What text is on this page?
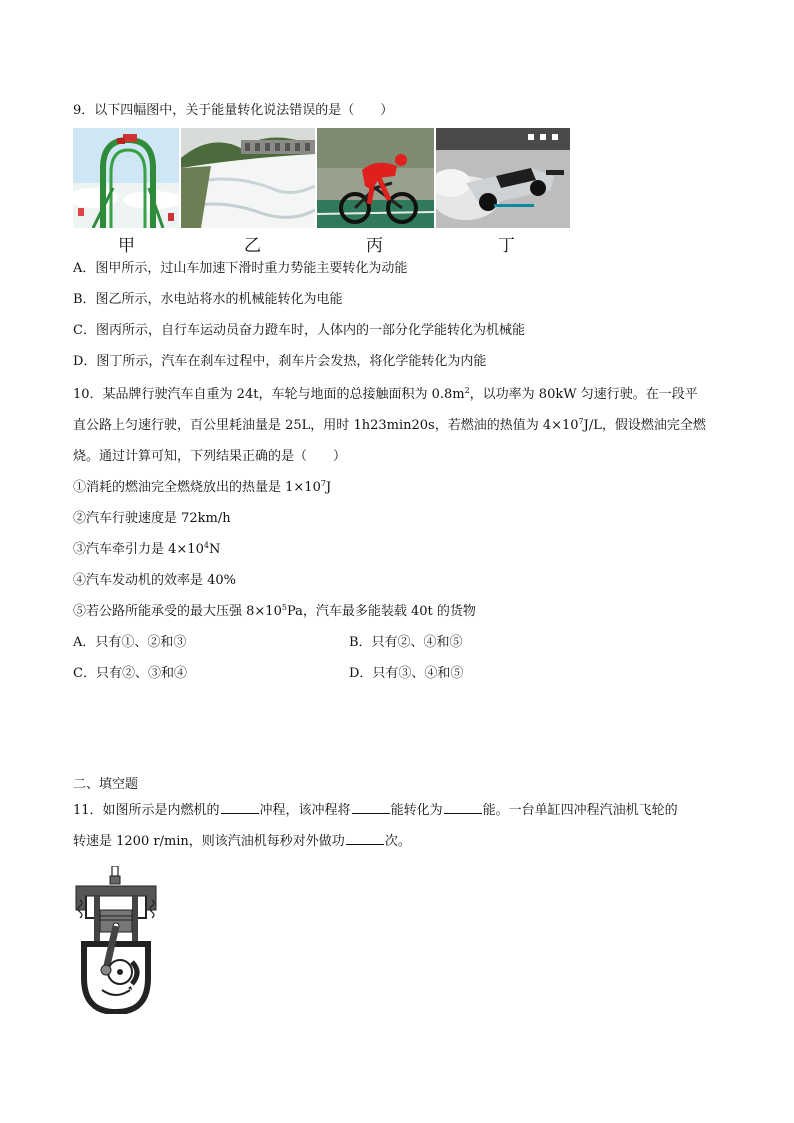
9．以下四幅图中，关于能量转化说法错误的是（　　）
甲	乙	丙	丁
A．图甲所示，过山车加速下滑时重力势能主要转化为动能
B．图乙所示，水电站将水的机械能转化为电能
C．图丙所示，自行车运动员奋力蹬车时，人体内的一部分化学能转化为机械能
D．图丁所示，汽车在刹车过程中，刹车片会发热，将化学能转化为内能
10．某品牌行驶汽车自重为 24t，车轮与地面的总接触面积为 $0.8m^2$，以功率为 80kW 匀速行驶。在一段平
直公路上匀速行驶，百公里耗油量是 25L，用时 1h23min20s，若燃油的热值为 $4\times 10^7J/L$，假设燃油完全燃
烧。通过计算可知，下列结果正确的是（　　）
①消耗的燃油完全燃烧放出的热量是 $1\times 10^7J$
②汽车行驶速度是 72km/h
③汽车牵引力是 $4\times 10^4N$
④汽车发动机的效率是 40%
⑤若公路所能承受的最大压强 $8\times 10^5Pa$，汽车最多能装载 40t 的货物
A．只有①、②和③	B．只有②、④和⑤
C．只有②、③和④	D．只有③、④和⑤
二、填空题
11．如图所示是内燃机的	冲程，该冲程将	能转化为	能。一台单缸四冲程汽油机飞轮的
转速是 1200 r/min，则该汽油机每秒对外做功	次。
